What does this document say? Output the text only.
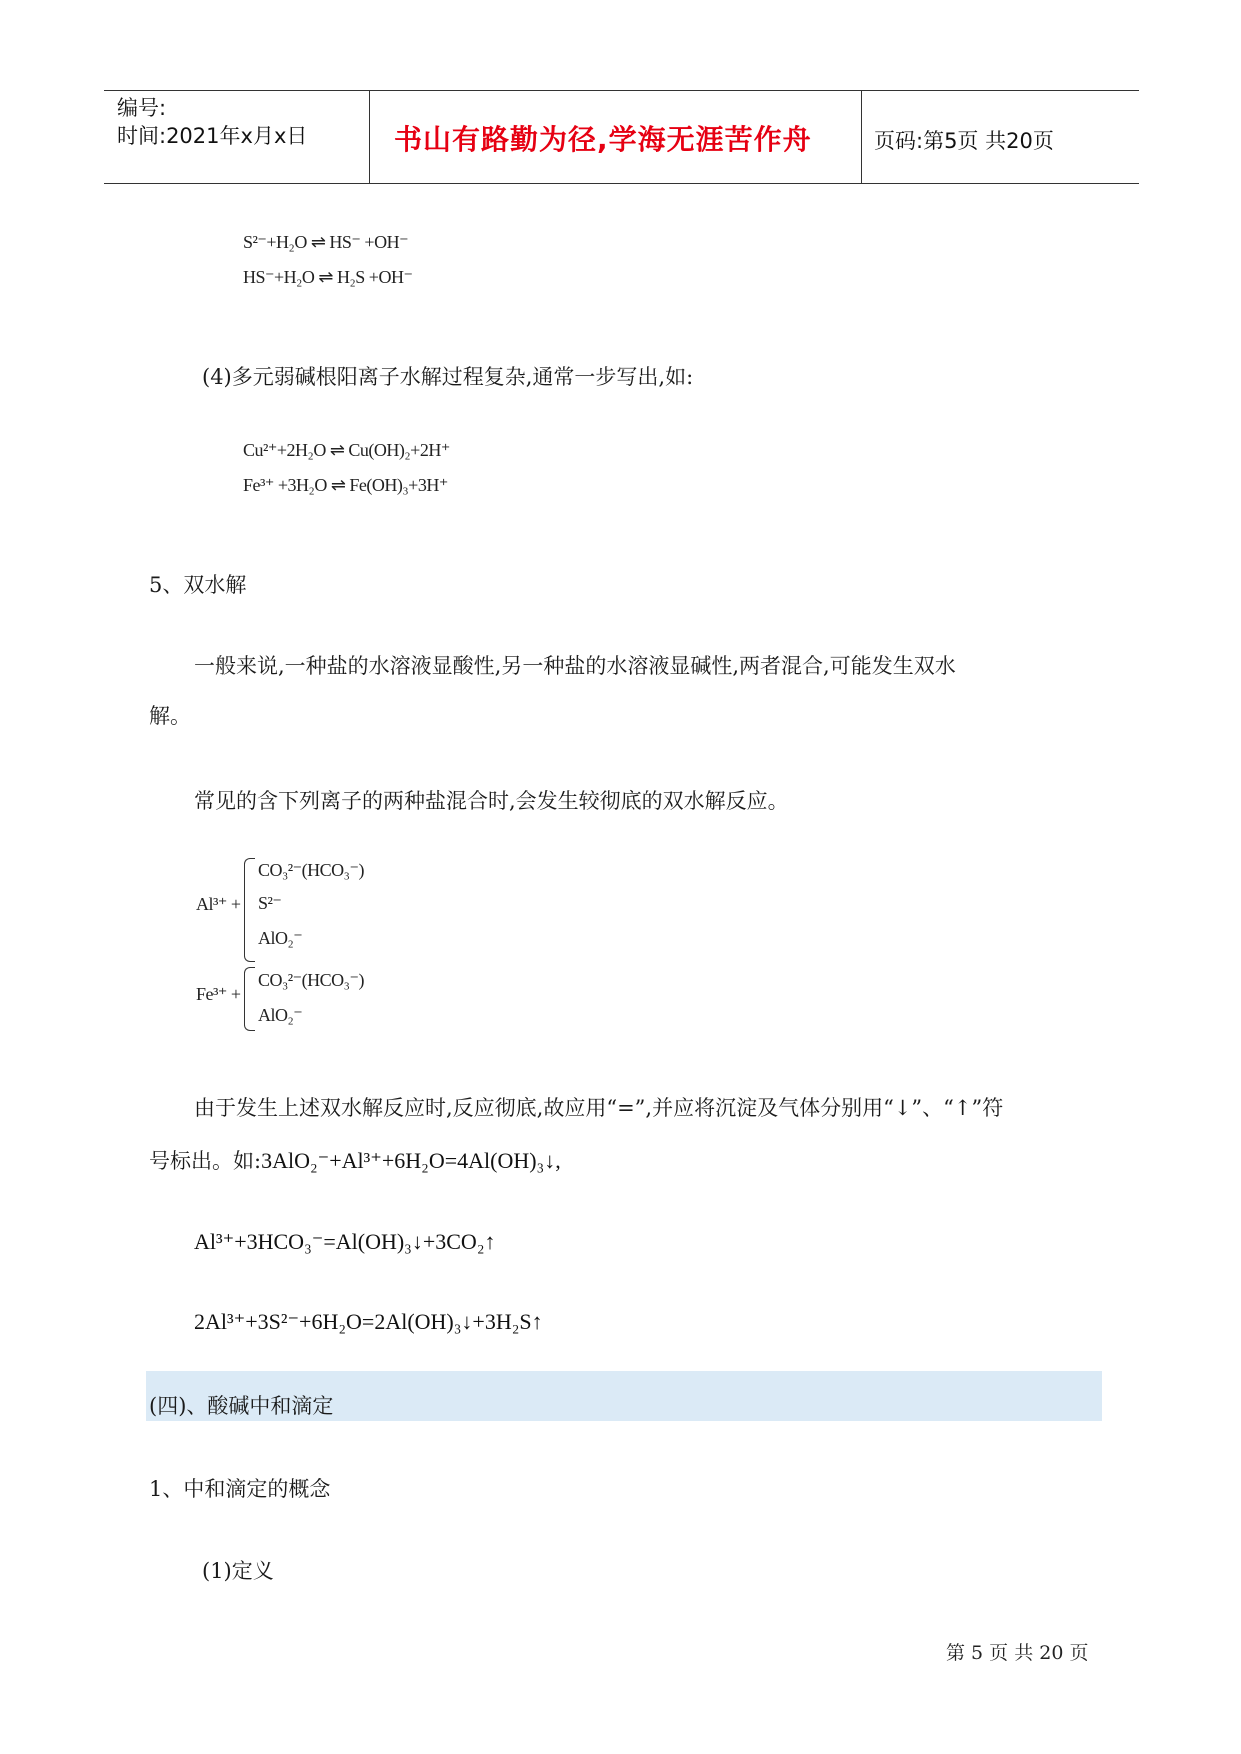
编号:
时间:2021年x月x日	书山有路勤为径,学海无涯苦作舟	页码:第5页 共20页
S²⁻+H₂O ⇌ HS⁻ +OH⁻
HS⁻+H₂O ⇌ H₂S +OH⁻
(4)多元弱碱根阳离子水解过程复杂,通常一步写出,如:
Cu²⁺+2H₂O ⇌ Cu(OH)₂+2H⁺
Fe³⁺ +3H₂O ⇌ Fe(OH)₃+3H⁺
5、双水解
一般来说,一种盐的水溶液显酸性,另一种盐的水溶液显碱性,两者混合,可能发生双水
解。
常见的含下列离子的两种盐混合时,会发生较彻底的双水解反应。
Al³⁺ +
CO₃²⁻(HCO₃⁻)
S²⁻
AlO₂⁻
Fe³⁺ +
CO₃²⁻(HCO₃⁻)
AlO₂⁻
由于发生上述双水解反应时,反应彻底,故应用“=”,并应将沉淀及气体分别用“↓”、“↑”符
号标出。如:3AlO₂⁻+Al³⁺+6H₂O=4Al(OH)₃↓,
Al³⁺+3HCO₃⁻=Al(OH)₃↓+3CO₂↑
2Al³⁺+3S²⁻+6H₂O=2Al(OH)₃↓+3H₂S↑
(四)、酸碱中和滴定
1、中和滴定的概念
(1)定义
第 5 页 共 20 页
